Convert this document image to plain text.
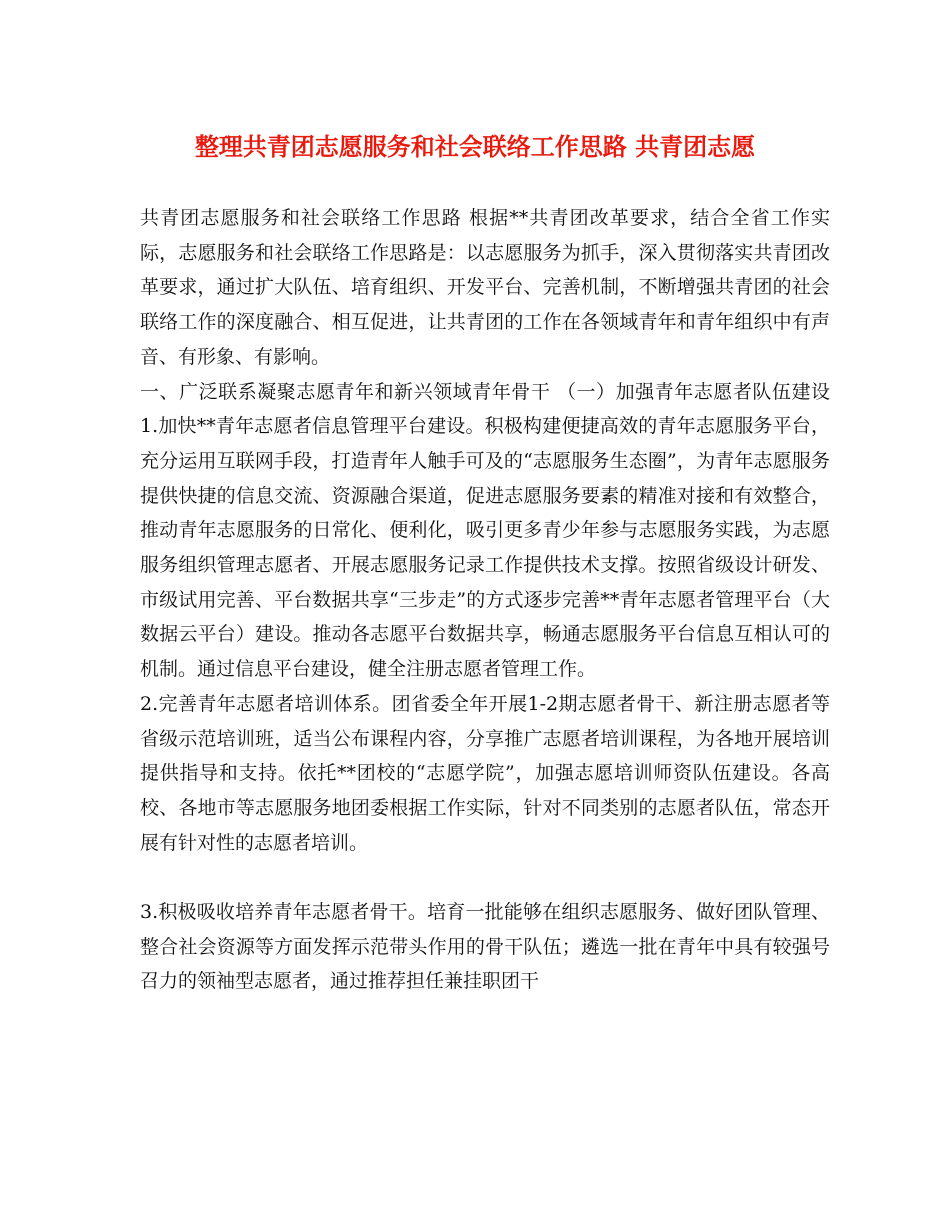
整理共青团志愿服务和社会联络工作思路 共青团志愿

共青团志愿服务和社会联络工作思路 根据**共青团改革要求，结合全省工作实际，志愿服务和社会联络工作思路是：以志愿服务为抓手，深入贯彻落实共青团改革要求，通过扩大队伍、培育组织、开发平台、完善机制，不断增强共青团的社会联络工作的深度融合、相互促进，让共青团的工作在各领域青年和青年组织中有声音、有形象、有影响。

一、广泛联系凝聚志愿青年和新兴领域青年骨干 （一）加强青年志愿者队伍建设 1.加快**青年志愿者信息管理平台建设。积极构建便捷高效的青年志愿服务平台，充分运用互联网手段，打造青年人触手可及的“志愿服务生态圈”，为青年志愿服务提供快捷的信息交流、资源融合渠道，促进志愿服务要素的精准对接和有效整合，推动青年志愿服务的日常化、便利化，吸引更多青少年参与志愿服务实践，为志愿服务组织管理志愿者、开展志愿服务记录工作提供技术支撑。按照省级设计研发、市级试用完善、平台数据共享“三步走”的方式逐步完善**青年志愿者管理平台（大数据云平台）建设。推动各志愿平台数据共享，畅通志愿服务平台信息互相认可的机制。通过信息平台建设，健全注册志愿者管理工作。

2.完善青年志愿者培训体系。团省委全年开展1-2期志愿者骨干、新注册志愿者等省级示范培训班，适当公布课程内容，分享推广志愿者培训课程，为各地开展培训提供指导和支持。依托**团校的“志愿学院”，加强志愿培训师资队伍建设。各高校、各地市等志愿服务地团委根据工作实际，针对不同类别的志愿者队伍，常态开展有针对性的志愿者培训。

3.积极吸收培养青年志愿者骨干。培育一批能够在组织志愿服务、做好团队管理、整合社会资源等方面发挥示范带头作用的骨干队伍；遴选一批在青年中具有较强号召力的领袖型志愿者，通过推荐担任兼挂职团干
